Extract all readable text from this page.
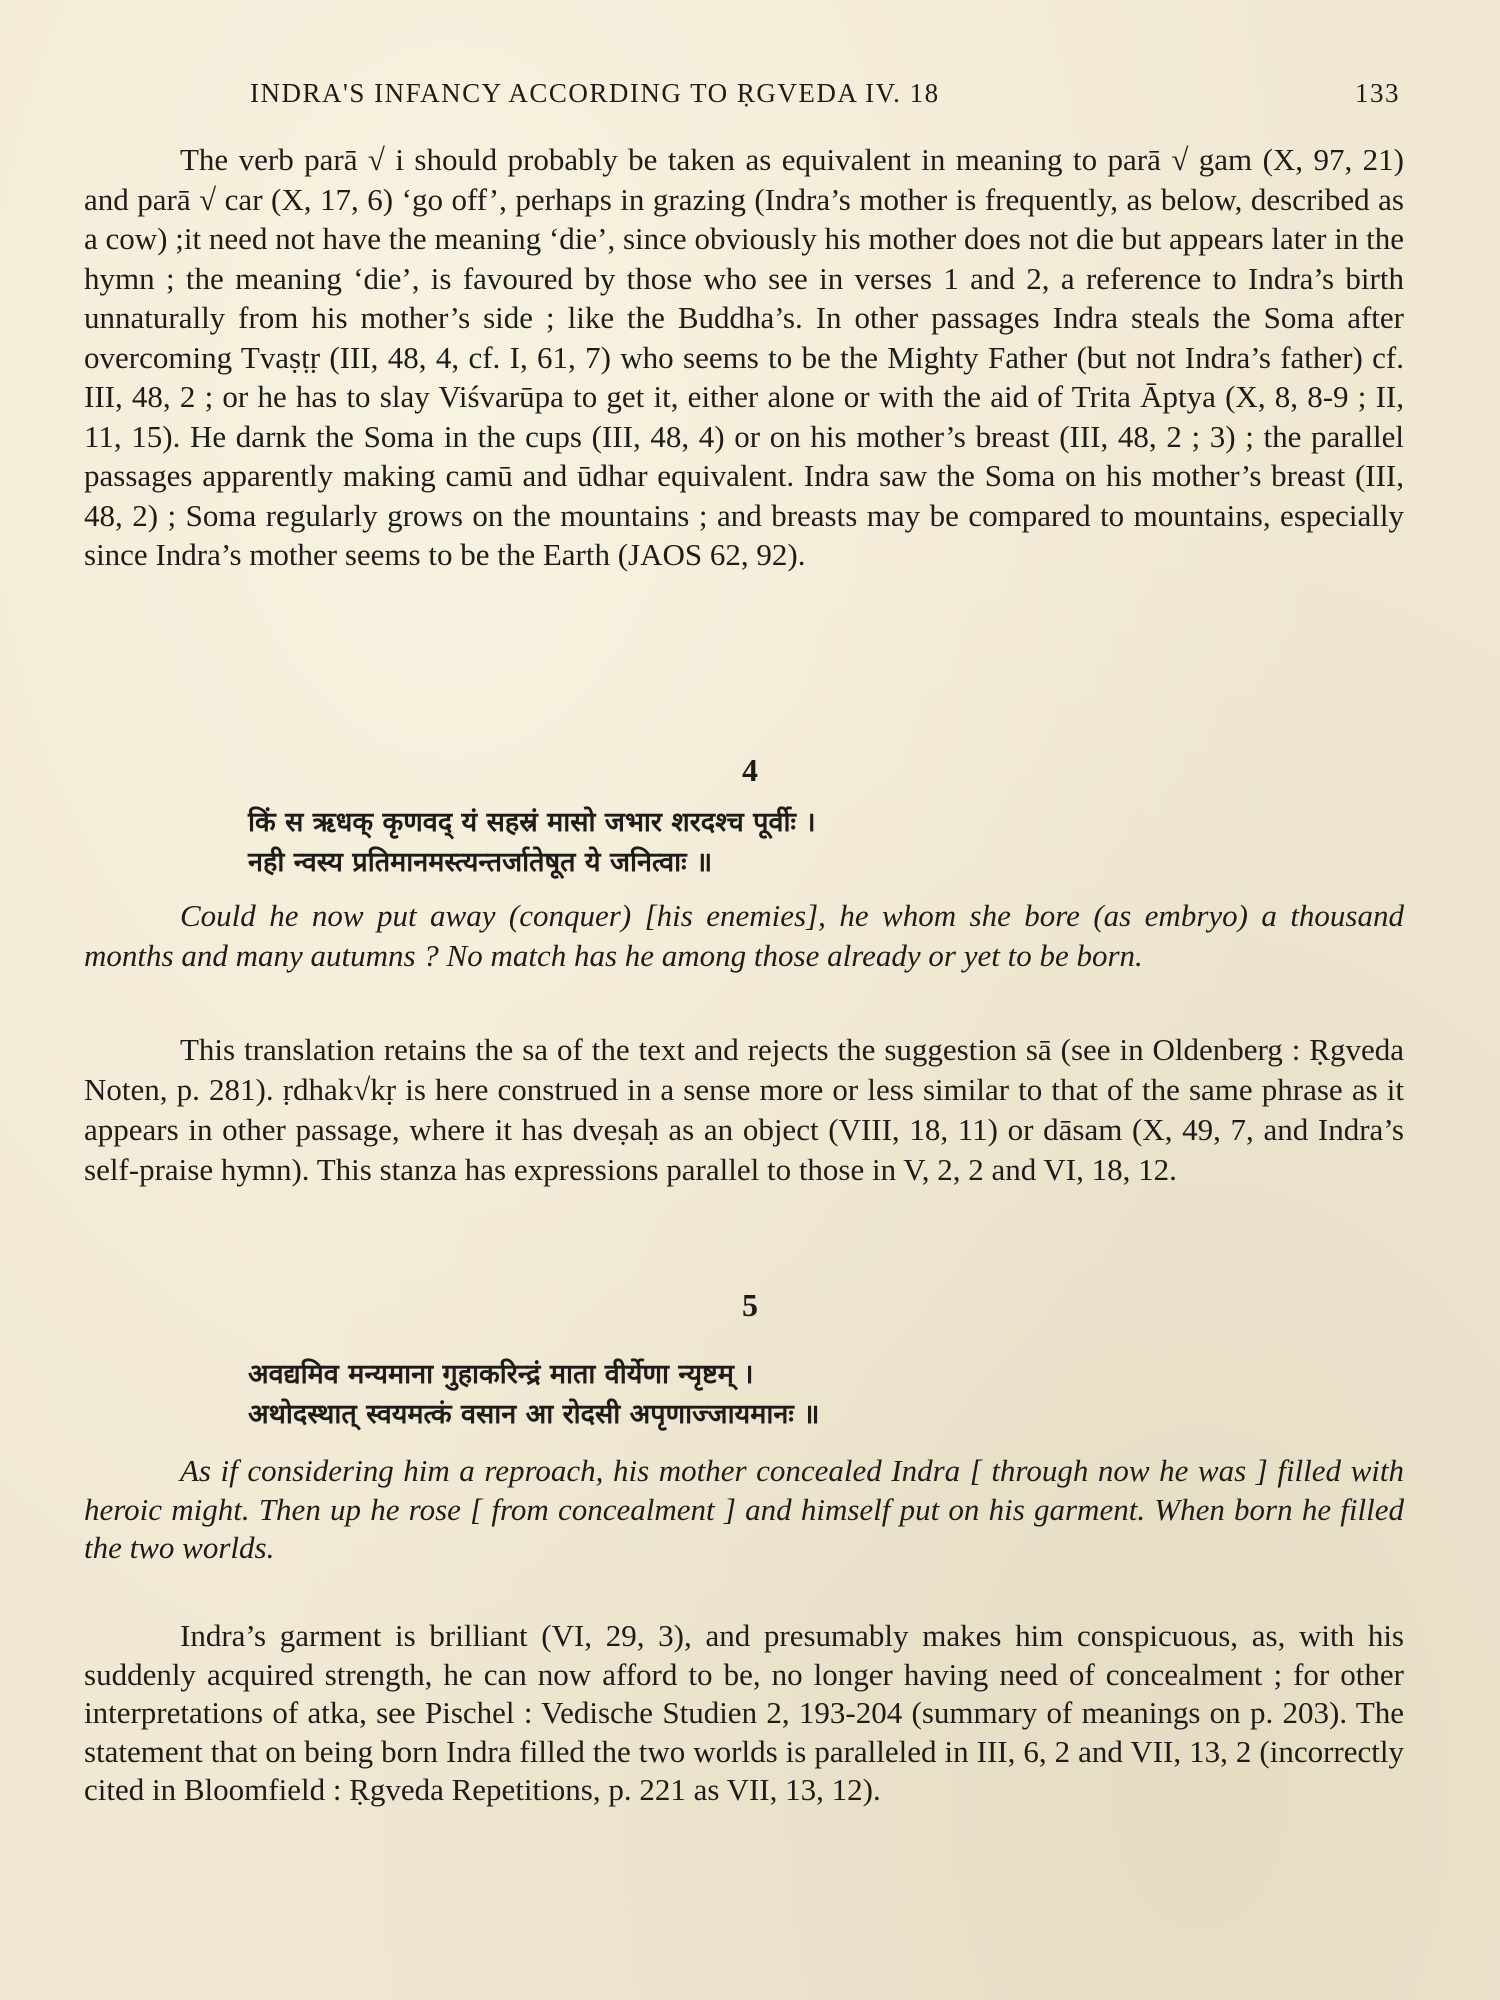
INDRA'S INFANCY ACCORDING TO ṚGVEDA IV. 18	133

The verb parā √ i should probably be taken as equivalent in meaning to parā √ gam (X, 97, 21) and parā √ car (X, 17, 6) ‘go off’, perhaps in grazing (Indra’s mother is frequently, as below, described as a cow) ;it need not have the meaning ‘die’, since obviously his mother does not die but appears later in the hymn ; the meaning ‘die’, is favoured by those who see in verses 1 and 2, a reference to Indra’s birth unnaturally from his mother’s side ; like the Buddha’s. In other passages Indra steals the Soma after overcoming Tvaṣṭṛ (III, 48, 4, cf. I, 61, 7) who seems to be the Mighty Father (but not Indra’s father) cf. III, 48, 2 ; or he has to slay Viśvarūpa to get it, either alone or with the aid of Trita Āptya (X, 8, 8-9 ; II, 11, 15). He darnk the Soma in the cups (III, 48, 4) or on his mother’s breast (III, 48, 2 ; 3) ; the parallel passages apparently making camū and ūdhar equivalent. Indra saw the Soma on his mother’s breast (III, 48, 2) ; Soma regularly grows on the mountains ; and breasts may be compared to mountains, especially since Indra’s mother seems to be the Earth (JAOS 62, 92).

4
किं स ऋधक् कृणवद् यं सहस्रं मासो जभार शरदश्च पूर्वीः ।
नही न्वस्य प्रतिमानमस्त्यन्तर्जातेषूत ये जनित्वाः ॥

Could he now put away (conquer) [his enemies], he whom she bore (as embryo) a thousand months and many autumns ? No match has he among those already or yet to be born.

This translation retains the sa of the text and rejects the suggestion sā (see in Oldenberg : Ṛgveda Noten, p. 281). ṛdhak√kṛ is here construed in a sense more or less similar to that of the same phrase as it appears in other passage, where it has dveṣaḥ as an object (VIII, 18, 11) or dāsam (X, 49, 7, and Indra’s self-praise hymn). This stanza has expressions parallel to those in V, 2, 2 and VI, 18, 12.

5
अवद्यमिव मन्यमाना गुहाकरिन्द्रं माता वीर्येणा न्यृष्टम् ।
अथोदस्थात् स्वयमत्कं वसान आ रोदसी अपृणाज्जायमानः ॥

As if considering him a reproach, his mother concealed Indra [ through now he was ] filled with heroic might. Then up he rose [ from concealment ] and himself put on his garment. When born he filled the two worlds.

Indra’s garment is brilliant (VI, 29, 3), and presumably makes him conspicuous, as, with his suddenly acquired strength, he can now afford to be, no longer having need of concealment ; for other interpretations of atka, see Pischel : Vedische Studien 2, 193-204 (summary of meanings on p. 203). The statement that on being born Indra filled the two worlds is paralleled in III, 6, 2 and VII, 13, 2 (incorrectly cited in Bloomfield : Ṛgveda Repetitions, p. 221 as VII, 13, 12).
